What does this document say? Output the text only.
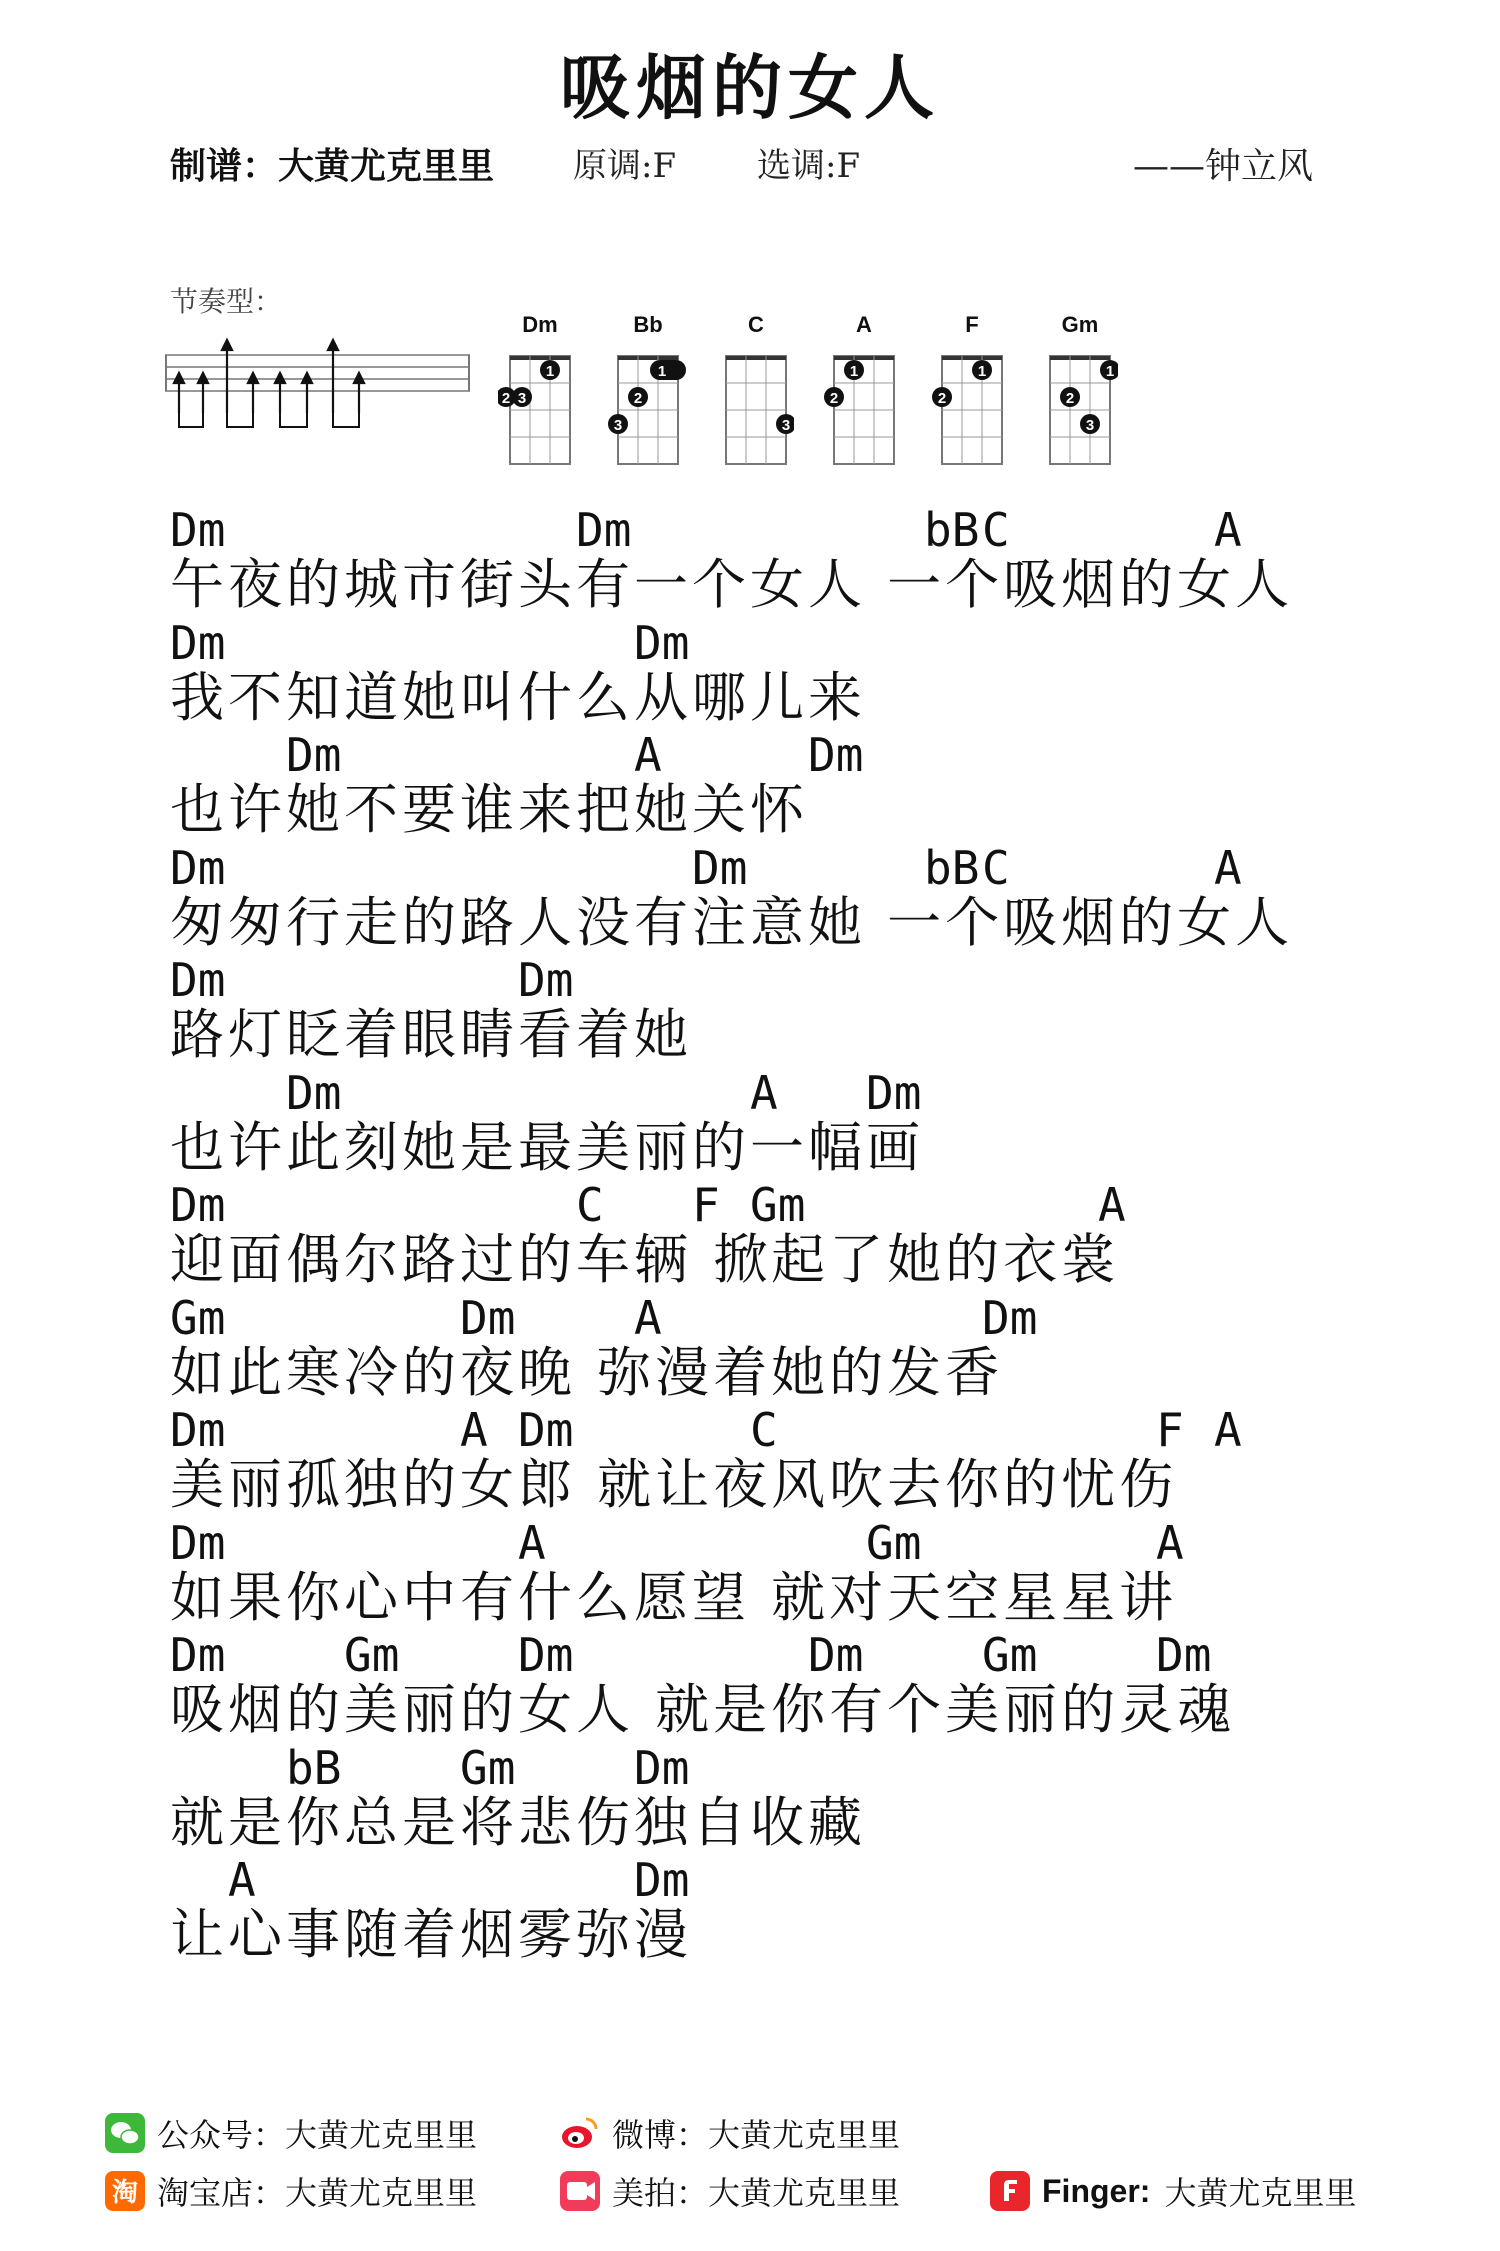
吸烟的女人
制谱：大黄尤克里里 原调:F 选调:F	——钟立风
节奏型：
Dm
1
2 3
Bb
1
2
3
C
3
A
1
2
F
1
2
Gm
1
2
3
Dm	Dm	bB C	A
午夜的城市街头有一个女人 一个吸烟的女人
Dm	Dm
我不知道她叫什么从哪儿来
Dm	A	Dm
也许她不要谁来把她关怀
Dm	Dm	bB C	A
匆匆行走的路人没有注意她 一个吸烟的女人
Dm	Dm
路灯眨着眼睛看着她
Dm	A Dm
也许此刻她是最美丽的一幅画
Dm	C F Gm	A
迎面偶尔路过的车辆 掀起了她的衣裳
Gm	Dm	A	Dm
如此寒冷的夜晚 弥漫着她的发香
Dm	A Dm	C	F A
美丽孤独的女郎 就让夜风吹去你的忧伤
Dm	A	Gm	A
如果你心中有什么愿望 就对天空星星讲
Dm	Gm	Dm	Dm	Gm	Dm
吸烟的美丽的女人 就是你有个美丽的灵魂
bB	Gm	Dm
就是你总是将悲伤独自收藏
A	Dm
让心事随着烟雾弥漫
公众号： 大黄尤克里里	微博： 大黄尤克里里
淘 淘宝店： 大黄尤克里里	美拍： 大黄尤克里里	Finger: 大黄尤克里里
